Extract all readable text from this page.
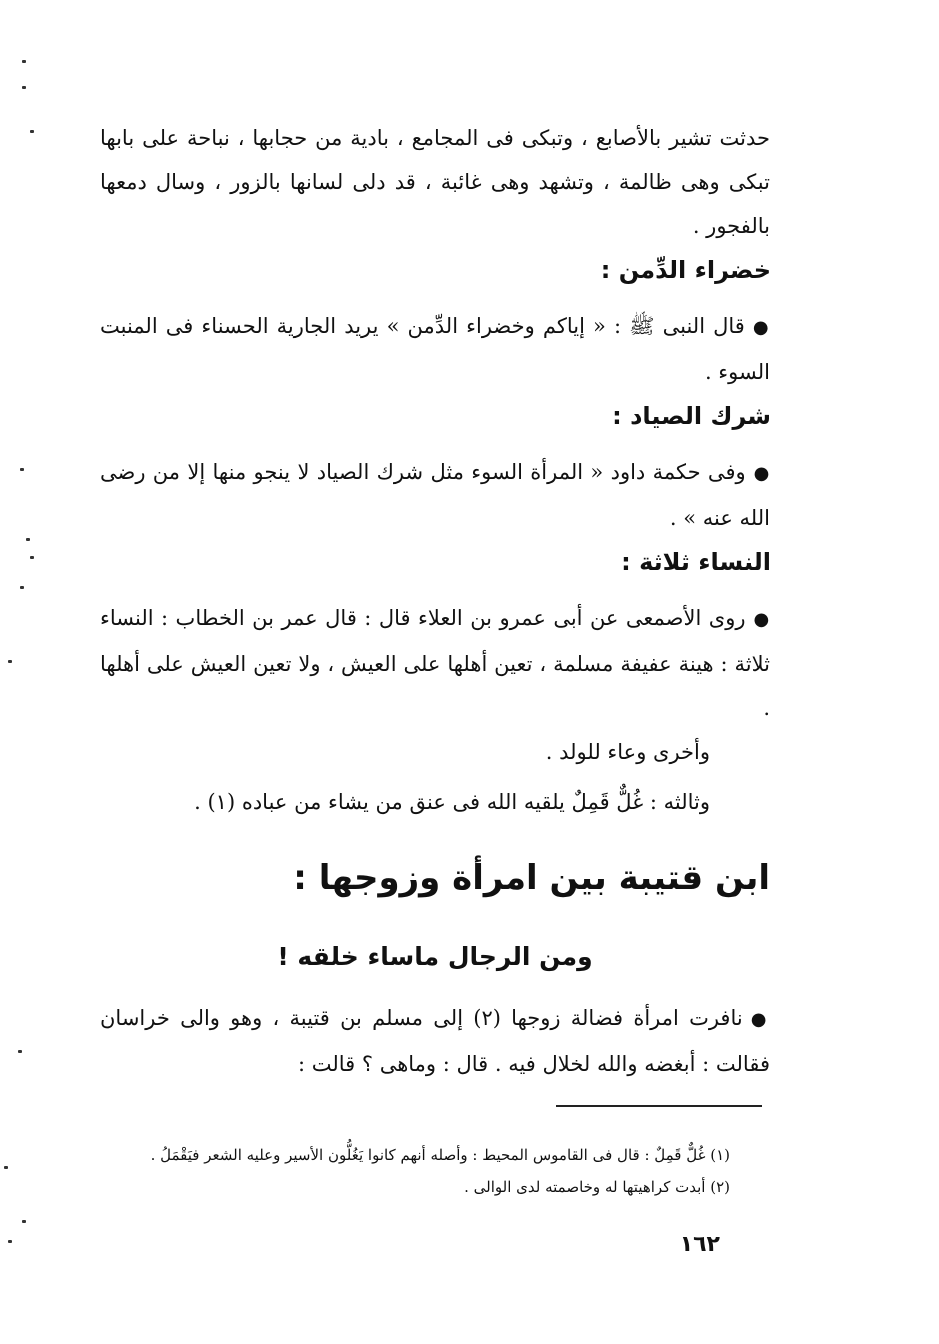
حدثت تشير بالأصابع ، وتبكى فى المجامع ، بادية من حجابها ، نباحة على بابها تبكى وهى ظالمة ، وتشهد وهى غائبة ، قد دلى لسانها بالزور ، وسال دمعها بالفجور .
خضراء الدِّمن :
●قال النبى ﷺ : « إياكم وخضراء الدِّمن » يريد الجارية الحسناء فى المنبت السوء .
شرك الصياد :
●وفى حكمة داود « المرأة السوء مثل شرك الصياد لا ينجو منها إلا من رضى الله عنه » .
النساء ثلاثة :
●روى الأصمعى عن أبى عمرو بن العلاء قال : قال عمر بن الخطاب : النساء ثلاثة : هينة عفيفة مسلمة ، تعين أهلها على العيش ، ولا تعين العيش على أهلها .
وأخرى وعاء للولد .
وثالثه : غُلٌّ قَمِلٌ يلقيه الله فى عنق من يشاء من عباده (١) .
ابن قتيبة بين امرأة وزوجها :
ومن الرجال ماساء خلقه !
●نافرت امرأة فضالة زوجها (٢) إلى مسلم بن قتيبة ، وهو والى خراسان فقالت : أبغضه والله لخلال فيه . قال : وماهى ؟ قالت :
(١) غُلٌّ قَمِلٌ : قال فى القاموس المحيط : وأصله أنهم كانوا يَغُلُّون الأسير وعليه الشعر فيَقْمَلُ .
(٢) أبدت كراهيتها له وخاصمته لدى الوالى .
١٦٢
